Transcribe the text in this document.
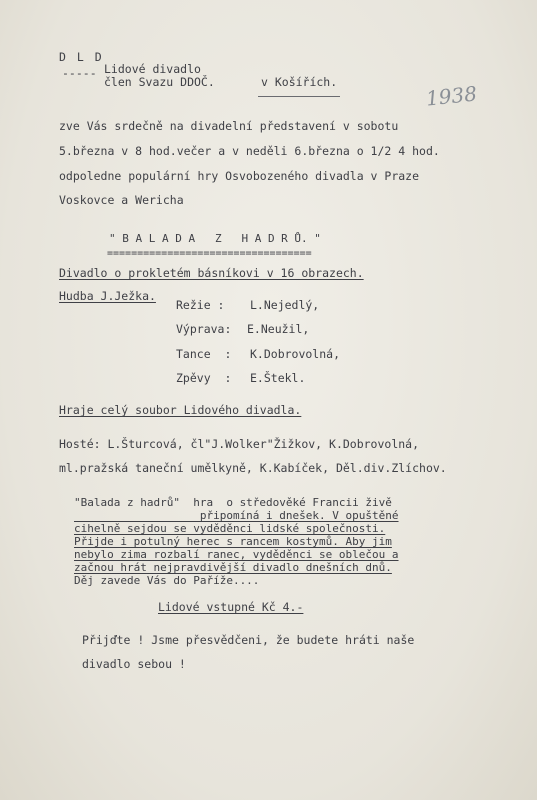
D L D
----- Lidové divadlo
člen Svazu DDOČ.	v Košířích.	1938
zve Vás srdečně na divadelní představení v sobotu
5.března v 8 hod.večer a v neděli 6.března o 1/2 4 hod.
odpoledne populární hry Osvobozeného divadla v Praze
Voskovce a Wericha
" B A L A D A   Z   H A D R Ů. "
==================================
Divadlo o prokletém básníkovi v 16 obrazech.
Hudba J.Ježka.
Režie : L.Nejedlý,
Výprava: E.Neužil,
Tance  : K.Dobrovolná,
Zpěvy  : E.Štekl.
Hraje celý soubor Lidového divadla.
Hosté: L.Šturcová, čl"J.Wolker"Žižkov, K.Dobrovolná,
ml.pražská taneční umělkyně, K.Kabíček, Děl.div.Zlíchov.
"Balada z hadrů"  hra  o středověké Francii živě
připomíná i dnešek. V opuštěné
cihelně sejdou se vyděděnci lidské společnosti.
Přijde i potulný herec s rancem kostymů. Aby jim
nebylo zima rozbalí ranec, vyděděnci se oblečou a
začnou hrát nejpravdivější divadlo dnešních dnů.
Děj zavede Vás do Paříže....
Lidové vstupné Kč 4.-
Přijďte ! Jsme přesvědčeni, že budete hráti naše
divadlo sebou !
